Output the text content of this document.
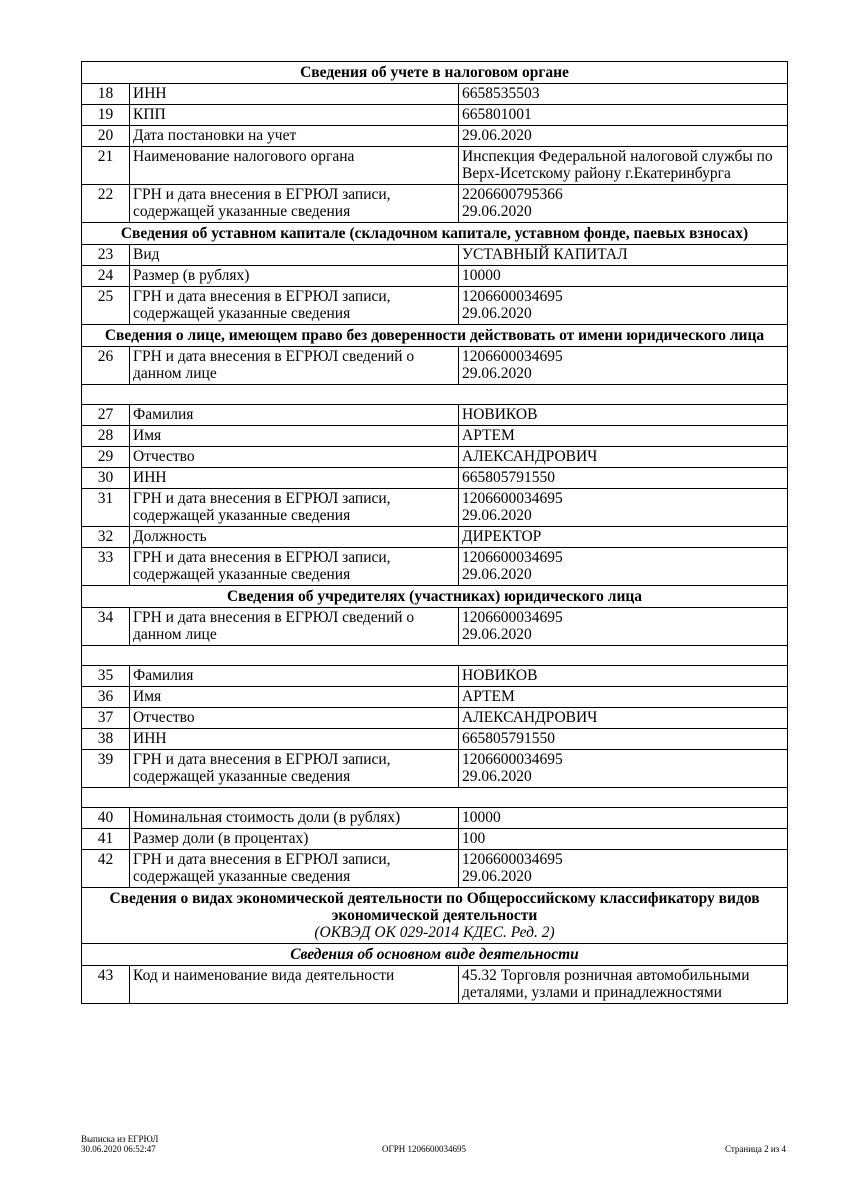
Сведения об учете в налоговом органе		
18	ИНН	6658535503
19	КПП	665801001
20	Дата постановки на учет	29.06.2020
21	Наименование налогового органа	Инспекция Федеральной налоговой службы по Верх-Исетскому району г.Екатеринбурга
22	ГРН и дата внесения в ЕГРЮЛ записи, содержащей указанные сведения	2206600795366
29.06.2020
Сведения об уставном капитале (складочном капитале, уставном фонде, паевых взносах)		
23	Вид	УСТАВНЫЙ КАПИТАЛ
24	Размер (в рублях)	10000
25	ГРН и дата внесения в ЕГРЮЛ записи, содержащей указанные сведения	1206600034695
29.06.2020
Сведения о лице, имеющем право без доверенности действовать от имени юридического лица		
26	ГРН и дата внесения в ЕГРЮЛ сведений о данном лице	1206600034695
29.06.2020

27	Фамилия	НОВИКОВ
28	Имя	АРТЕМ
29	Отчество	АЛЕКСАНДРОВИЧ
30	ИНН	665805791550
31	ГРН и дата внесения в ЕГРЮЛ записи, содержащей указанные сведения	1206600034695
29.06.2020
32	Должность	ДИРЕКТОР
33	ГРН и дата внесения в ЕГРЮЛ записи, содержащей указанные сведения	1206600034695
29.06.2020
Сведения об учредителях (участниках) юридического лица		
34	ГРН и дата внесения в ЕГРЮЛ сведений о данном лице	1206600034695
29.06.2020

35	Фамилия	НОВИКОВ
36	Имя	АРТЕМ
37	Отчество	АЛЕКСАНДРОВИЧ
38	ИНН	665805791550
39	ГРН и дата внесения в ЕГРЮЛ записи, содержащей указанные сведения	1206600034695
29.06.2020

40	Номинальная стоимость доли (в рублях)	10000
41	Размер доли (в процентах)	100
42	ГРН и дата внесения в ЕГРЮЛ записи, содержащей указанные сведения	1206600034695
29.06.2020
Сведения о видах экономической деятельности по Общероссийскому классификатору видов экономической деятельности
(ОКВЭД ОК 029-2014 КДЕС. Ред. 2)		

Сведения об основном виде деятельности		
43	Код и наименование вида деятельности	45.32 Торговля розничная автомобильными деталями, узлами и принадлежностями
Выписка из ЕГРЮЛ
30.06.2020 06:52:47	ОГРН 1206600034695	Страница 2 из 4
